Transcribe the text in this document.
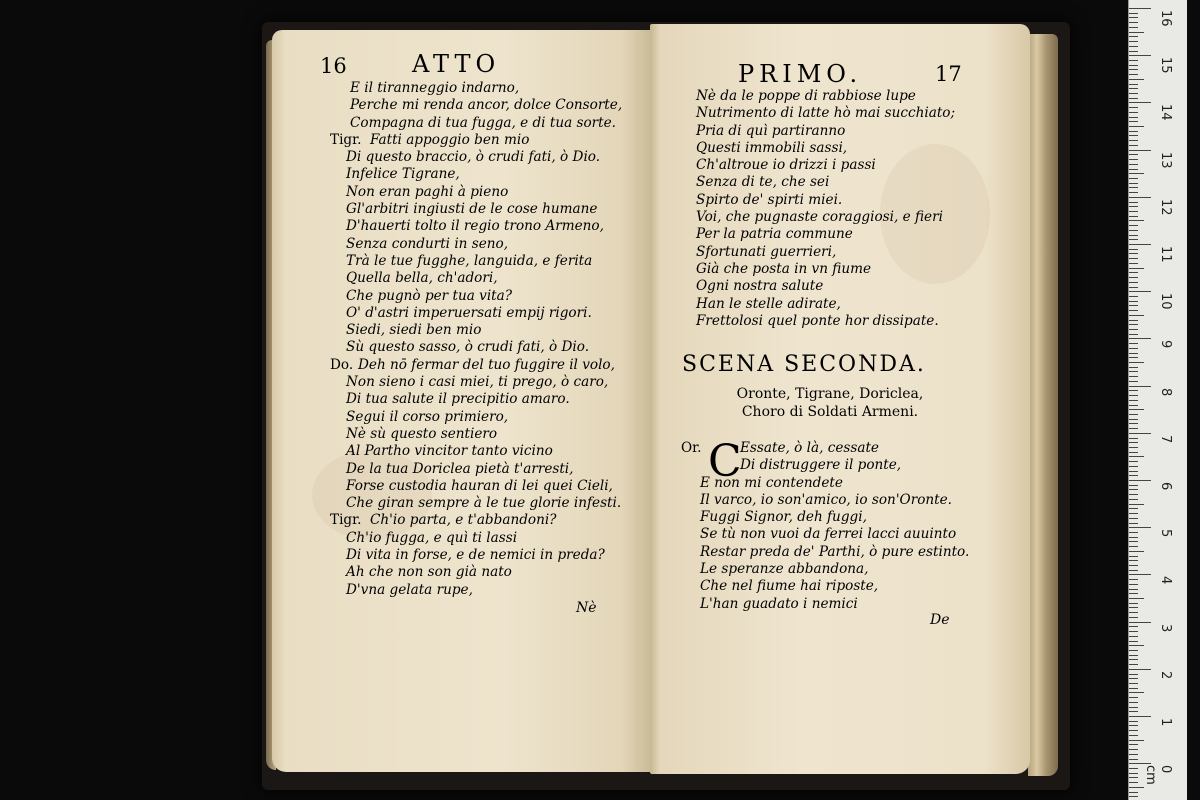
16	ATTO
E il tiranneggio indarno,
Perche mi renda ancor, dolce Consorte,
Compagna di tua fugga, e di tua sorte.
Tigr. Fatti appoggio ben mio
Di questo braccio, ò crudi fati, ò Dio.
Infelice Tigrane,
Non eran paghi à pieno
Gl'arbitri ingiusti de le cose humane
D'hauerti tolto il regio trono Armeno,
Senza condurti in seno,
Trà le tue fugghe, languida, e ferita
Quella bella, ch'adori,
Che pugnò per tua vita?
O' d'astri imperuersati empij rigori.
Siedi, siedi ben mio
Sù questo sasso, ò crudi fati, ò Dio.
Do. Deh nō fermar del tuo fuggire il volo,
Non sieno i casi miei, ti prego, ò caro,
Di tua salute il precipitio amaro.
Segui il corso primiero,
Nè sù questo sentiero
Al Partho vincitor tanto vicino
De la tua Doriclea pietà t'arresti,
Forse custodia hauran di lei quei Cieli,
Che giran sempre à le tue glorie infesti.
Tigr. Ch'io parta, e t'abbandoni?
Ch'io fugga, e quì ti lassi
Di vita in forse, e de nemici in preda?
Ah che non son già nato
D'vna gelata rupe,
Nè
PRIMO.	17
Nè da le poppe di rabbiose lupe
Nutrimento di latte hò mai succhiato;
Pria di quì partiranno
Questi immobili sassi,
Ch'altroue io drizzi i passi
Senza di te, che sei
Spirto de' spirti miei.
Voi, che pugnaste coraggiosi, e fieri
Per la patria commune
Sfortunati guerrieri,
Già che posta in vn fiume
Ogni nostra salute
Han le stelle adirate,
Frettolosi quel ponte hor dissipate.
SCENA SECONDA.
Oronte, Tigrane, Doriclea,
Choro di Soldati Armeni.
Or. C
Essate, ò là, cessate
Di distruggere il ponte,
E non mi contendete
Il varco, io son'amico, io son'Oronte.
Fuggi Signor, deh fuggi,
Se tù non vuoi da ferrei lacci auuinto
Restar preda de' Parthi, ò pure estinto.
Le speranze abbandona,
Che nel fiume hai riposte,
L'han guadato i nemici
De
16
15
14
13
12
11
10
9
8
7
6
5
4
3
2
1
0 cm
